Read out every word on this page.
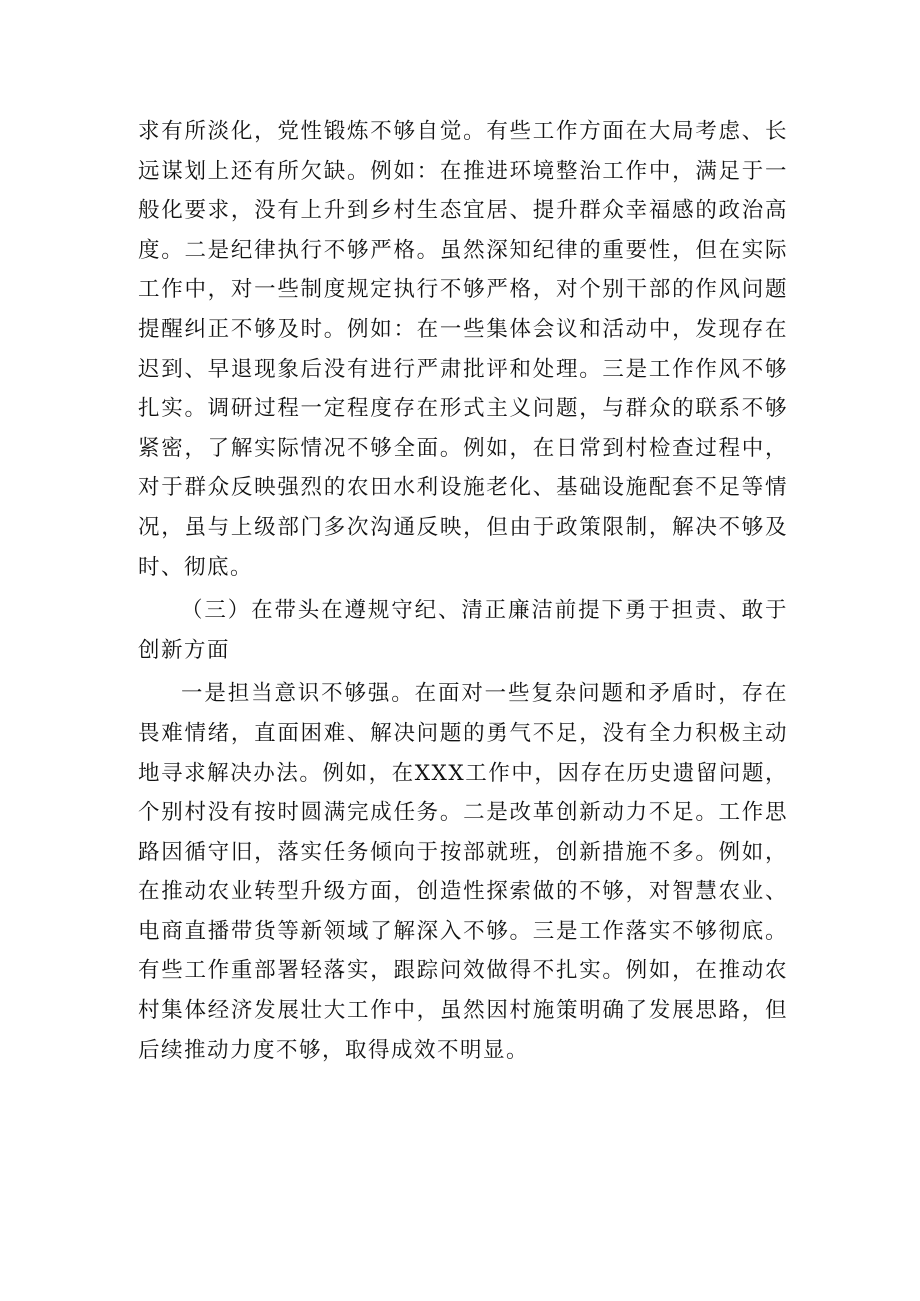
求有所淡化，党性锻炼不够自觉。有些工作方面在大局考虑、长远谋划上还有所欠缺。例如：在推进环境整治工作中，满足于一般化要求，没有上升到乡村生态宜居、提升群众幸福感的政治高度。二是纪律执行不够严格。虽然深知纪律的重要性，但在实际工作中，对一些制度规定执行不够严格，对个别干部的作风问题提醒纠正不够及时。例如：在一些集体会议和活动中，发现存在迟到、早退现象后没有进行严肃批评和处理。三是工作作风不够扎实。调研过程一定程度存在形式主义问题，与群众的联系不够紧密，了解实际情况不够全面。例如，在日常到村检查过程中，对于群众反映强烈的农田水利设施老化、基础设施配套不足等情况，虽与上级部门多次沟通反映，但由于政策限制，解决不够及时、彻底。

（三）在带头在遵规守纪、清正廉洁前提下勇于担责、敢于创新方面

一是担当意识不够强。在面对一些复杂问题和矛盾时，存在畏难情绪，直面困难、解决问题的勇气不足，没有全力积极主动地寻求解决办法。例如，在XXX工作中，因存在历史遗留问题，个别村没有按时圆满完成任务。二是改革创新动力不足。工作思路因循守旧，落实任务倾向于按部就班，创新措施不多。例如，在推动农业转型升级方面，创造性探索做的不够，对智慧农业、电商直播带货等新领域了解深入不够。三是工作落实不够彻底。有些工作重部署轻落实，跟踪问效做得不扎实。例如，在推动农村集体经济发展壮大工作中，虽然因村施策明确了发展思路，但后续推动力度不够，取得成效不明显。
